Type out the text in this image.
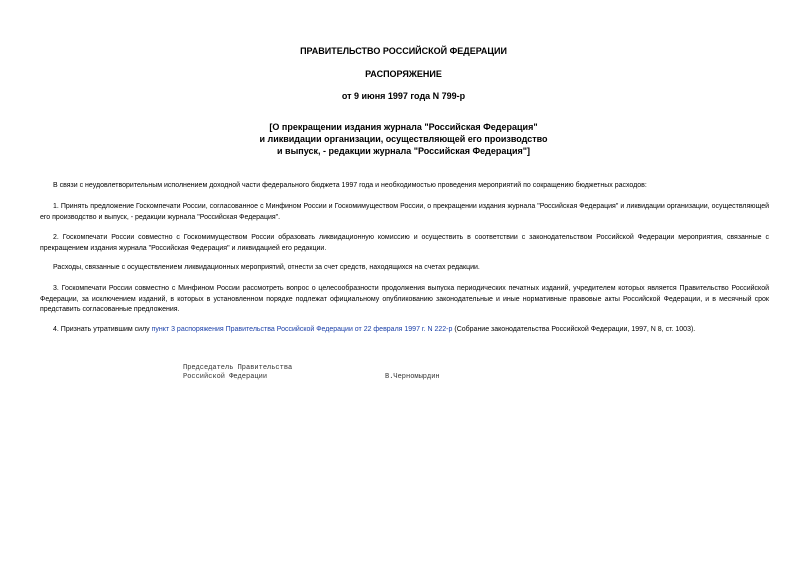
ПРАВИТЕЛЬСТВО РОССИЙСКОЙ ФЕДЕРАЦИИ
РАСПОРЯЖЕНИЕ
от 9 июня 1997 года N 799-р
[О прекращении издания журнала "Российская Федерация"
и ликвидации организации, осуществляющей его производство
и выпуск, - редакции журнала "Российская Федерация"]
В связи с неудовлетворительным исполнением доходной части федерального бюджета 1997 года и необходимостью проведения мероприятий по сокращению бюджетных расходов:
1. Принять предложение Госкомпечати России, согласованное с Минфином России и Госкомимуществом России, о прекращении издания журнала "Российская Федерация" и ликвидации организации, осуществляющей его производство и выпуск, - редакции журнала "Российская Федерация".
2. Госкомпечати России совместно с Госкомимуществом России образовать ликвидационную комиссию и осуществить в соответствии с законодательством Российской Федерации мероприятия, связанные с прекращением издания журнала "Российская Федерация" и ликвидацией его редакции.
Расходы, связанные с осуществлением ликвидационных мероприятий, отнести за счет средств, находящихся на счетах редакции.
3. Госкомпечати России совместно с Минфином России рассмотреть вопрос о целесообразности продолжения выпуска периодических печатных изданий, учредителем которых является Правительство Российской Федерации, за исключением изданий, в которых в установленном порядке подлежат официальному опубликованию законодательные и иные нормативные правовые акты Российской Федерации, и в месячный срок представить согласованные предложения.
4. Признать утратившим силу пункт 3 распоряжения Правительства Российской Федерации от 22 февраля 1997 г. N 222-р (Собрание законодательства Российской Федерации, 1997, N 8, ст. 1003).
Председатель Правительства
Российской Федерации	В.Черномырдин
